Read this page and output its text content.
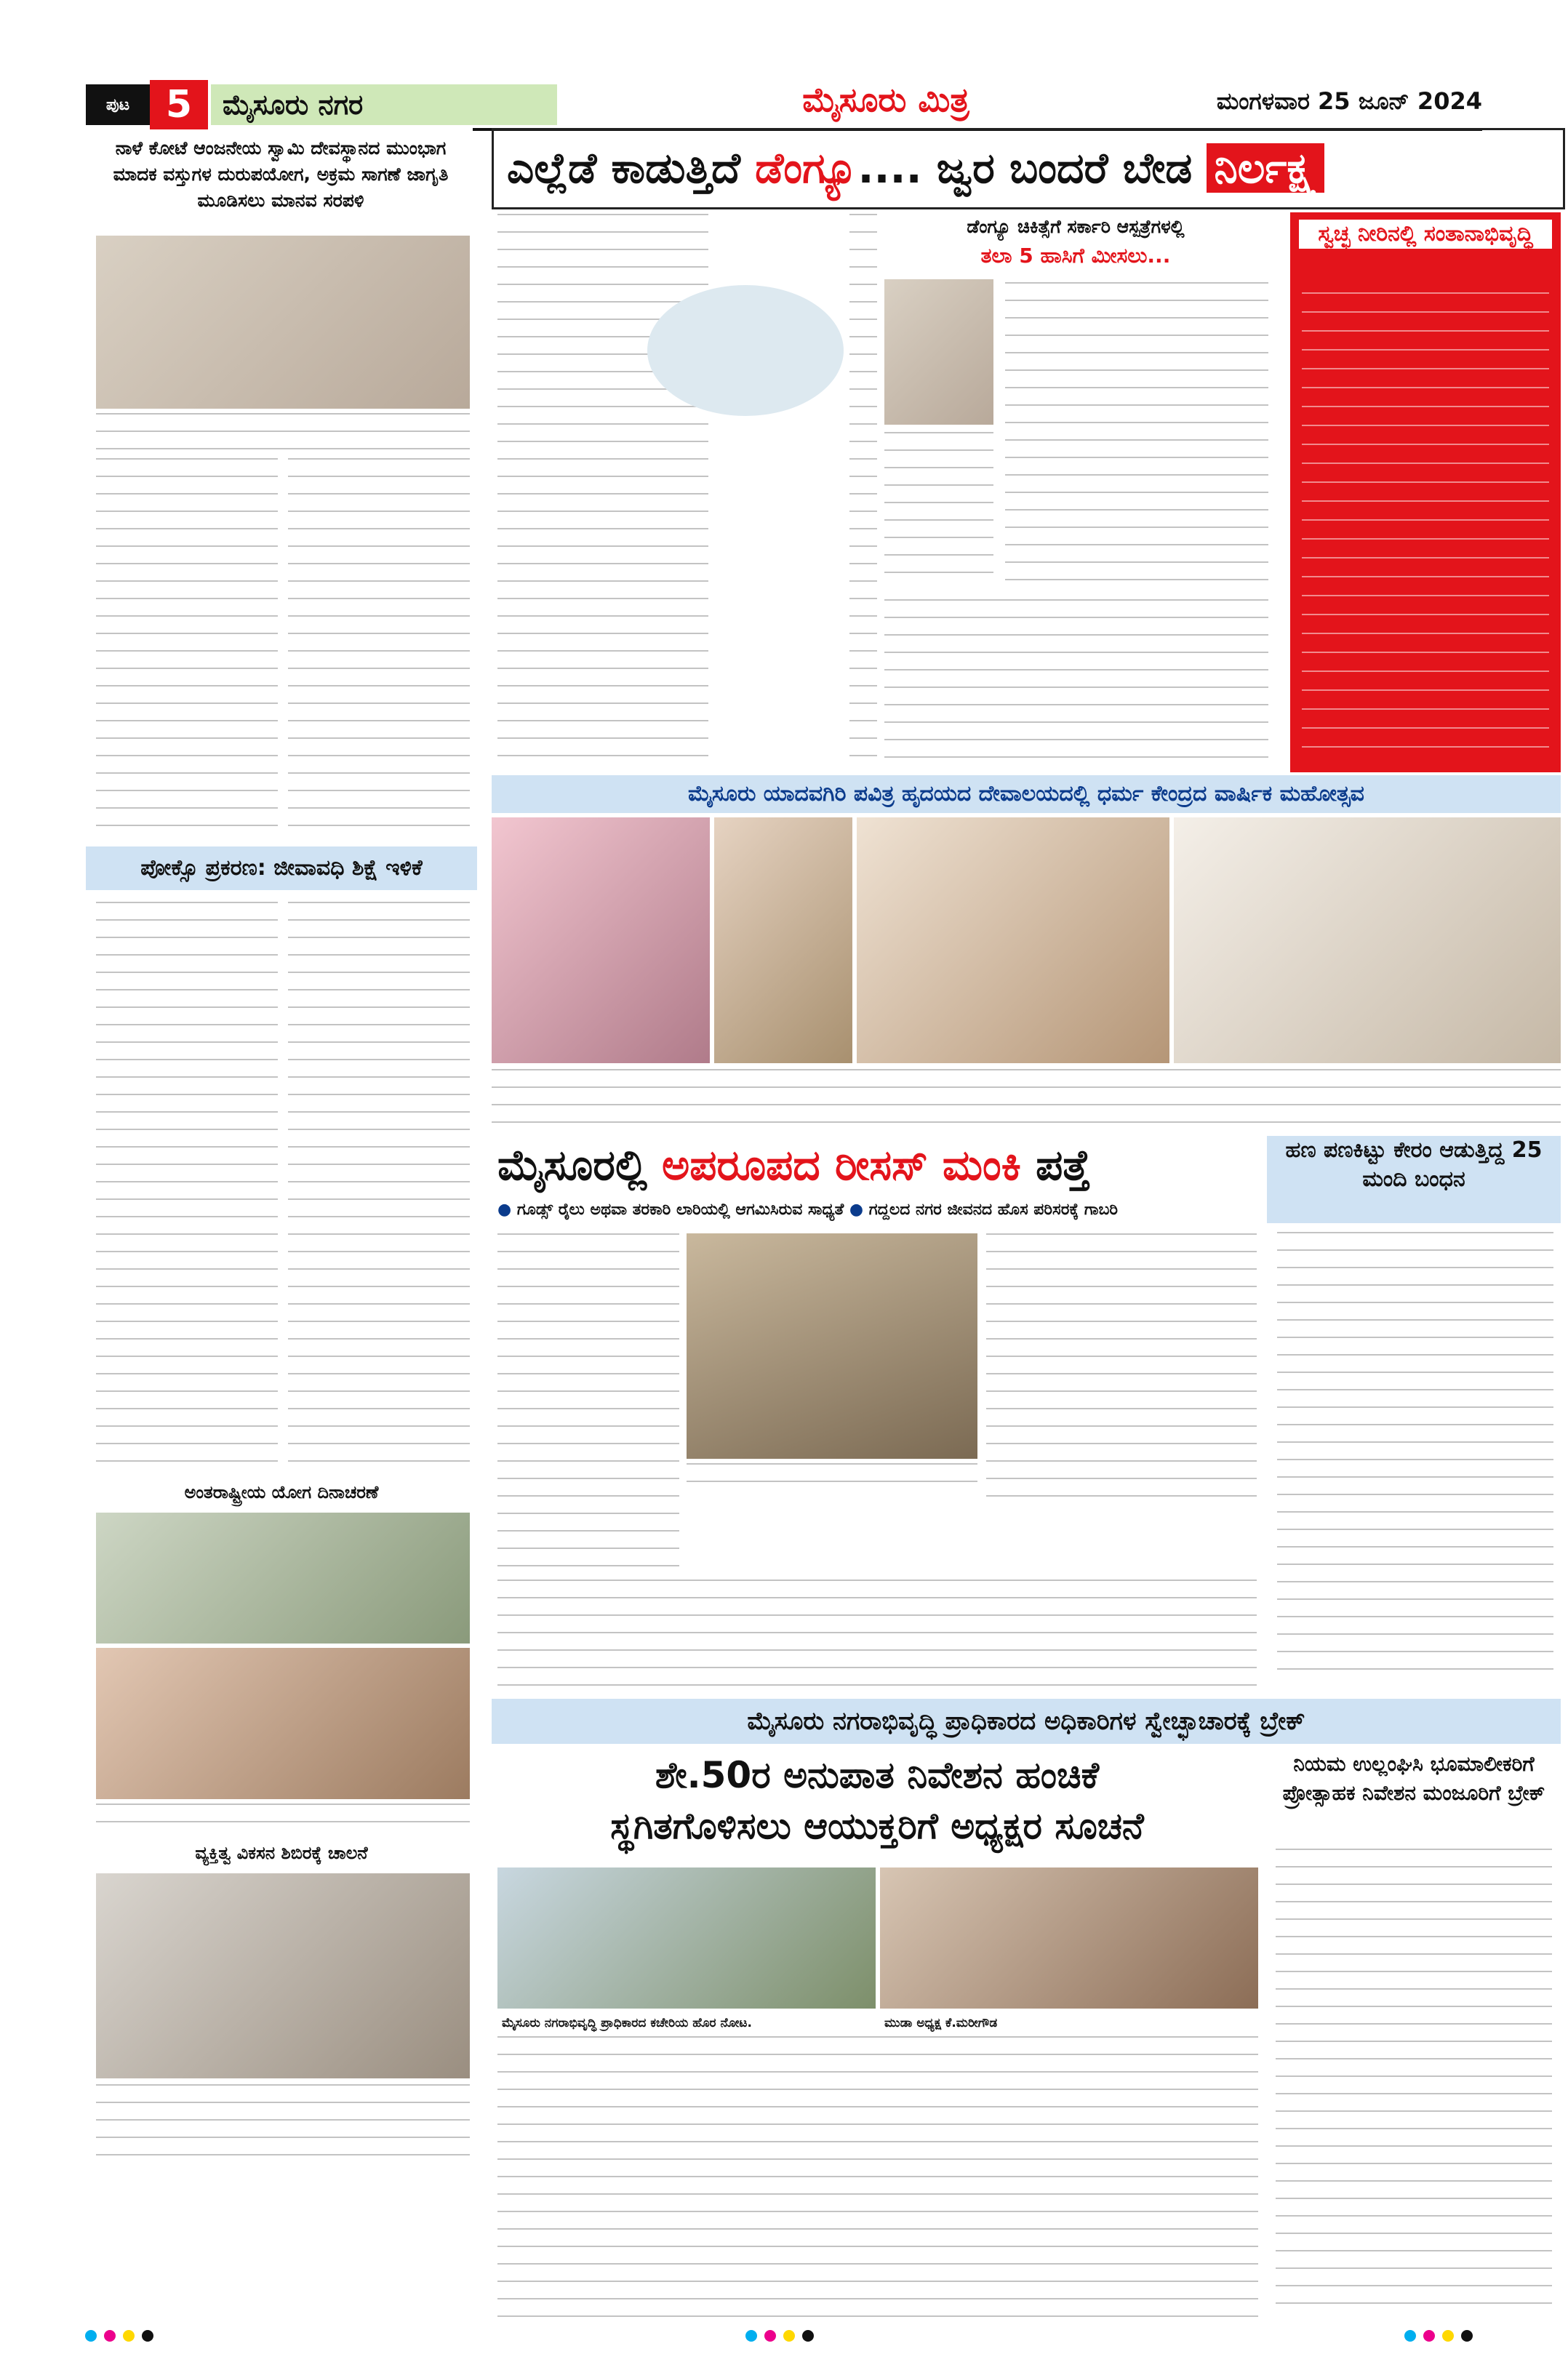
ಪುಟ 5	ಮೈಸೂರು ನಗರ	ಮೈಸೂರು ಮಿತ್ರ	ಮಂಗಳವಾರ 25 ಜೂನ್ 2024
ನಾಳೆ ಕೋಟೆ ಆಂಜನೇಯ ಸ್ವಾಮಿ ದೇವಸ್ಥಾನದ ಮುಂಭಾಗ ಮಾದಕ ವಸ್ತುಗಳ ದುರುಪಯೋಗ, ಅಕ್ರಮ ಸಾಗಣೆ ಜಾಗೃತಿ ಮೂಡಿಸಲು ಮಾನವ ಸರಪಳಿ
ಎಲ್ಲೆಡೆ ಕಾಡುತ್ತಿದೆ ಡೆಂಗ್ಯೂ.... ಜ್ವರ ಬಂದರೆ ಬೇಡ ನಿರ್ಲಕ್ಷ್ಯ
ಡೆಂಗ್ಯೂ ಚಿಕಿತ್ಸೆಗೆ ಸರ್ಕಾರಿ ಆಸ್ಪತ್ರೆಗಳಲ್ಲಿ
ತಲಾ 5 ಹಾಸಿಗೆ ಮೀಸಲು...
ಸ್ವಚ್ಛ ನೀರಿನಲ್ಲಿ ಸಂತಾನಾಭಿವೃದ್ಧಿ
ಮೈಸೂರು ಯಾದವಗಿರಿ ಪವಿತ್ರ ಹೃದಯದ ದೇವಾಲಯದಲ್ಲಿ ಧರ್ಮ ಕೇಂದ್ರದ ವಾರ್ಷಿಕ ಮಹೋತ್ಸವ
ಪೋಕ್ಸೊ ಪ್ರಕರಣ: ಜೀವಾವಧಿ ಶಿಕ್ಷೆ ಇಳಿಕೆ
ಮೈಸೂರಲ್ಲಿ ಅಪರೂಪದ ರೀಸಸ್ ಮಂಕಿ ಪತ್ತೆ
● ಗೂಡ್ಸ್ ರೈಲು ಅಥವಾ ತರಕಾರಿ ಲಾರಿಯಲ್ಲಿ ಆಗಮಿಸಿರುವ ಸಾಧ್ಯತೆ ● ಗದ್ದಲದ ನಗರ ಜೀವನದ ಹೊಸ ಪರಿಸರಕ್ಕೆ ಗಾಬರಿ
ಹಣ ಪಣಕಿಟ್ಟು ಕೇರಂ ಆಡುತ್ತಿದ್ದ 25 ಮಂದಿ ಬಂಧನ
ಅಂತರಾಷ್ಟ್ರೀಯ ಯೋಗ ದಿನಾಚರಣೆ
ಮೈಸೂರು ನಗರಾಭಿವೃದ್ಧಿ ಪ್ರಾಧಿಕಾರದ ಅಧಿಕಾರಿಗಳ ಸ್ವೇಚ್ಛಾಚಾರಕ್ಕೆ ಬ್ರೇಕ್
ಶೇ.50ರ ಅನುಪಾತ ನಿವೇಶನ ಹಂಚಿಕೆ
ಸ್ಥಗಿತಗೊಳಿಸಲು ಆಯುಕ್ತರಿಗೆ ಅಧ್ಯಕ್ಷರ ಸೂಚನೆ
ಮೈಸೂರು ನಗರಾಭಿವೃದ್ಧಿ ಪ್ರಾಧಿಕಾರದ ಕಚೇರಿಯ ಹೊರ ನೋಟ.	ಮುಡಾ ಅಧ್ಯಕ್ಷ ಕೆ.ಮರೀಗೌಡ
ನಿಯಮ ಉಲ್ಲಂಘಿಸಿ ಭೂಮಾಲೀಕರಿಗೆ ಪ್ರೋತ್ಸಾಹಕ ನಿವೇಶನ ಮಂಜೂರಿಗೆ ಬ್ರೇಕ್
ವ್ಯಕ್ತಿತ್ವ ವಿಕಸನ ಶಿಬಿರಕ್ಕೆ ಚಾಲನೆ
